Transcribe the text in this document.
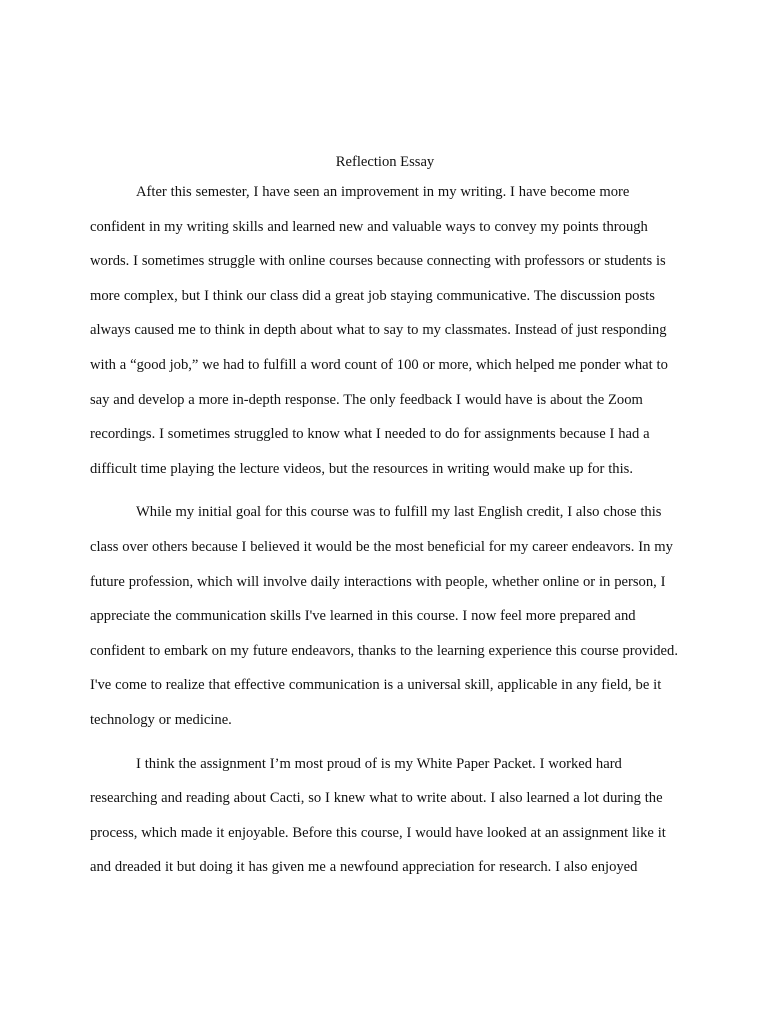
Reflection Essay

After this semester, I have seen an improvement in my writing. I have become more confident in my writing skills and learned new and valuable ways to convey my points through words. I sometimes struggle with online courses because connecting with professors or students is more complex, but I think our class did a great job staying communicative. The discussion posts always caused me to think in depth about what to say to my classmates. Instead of just responding with a “good job,” we had to fulfill a word count of 100 or more, which helped me ponder what to say and develop a more in-depth response. The only feedback I would have is about the Zoom recordings. I sometimes struggled to know what I needed to do for assignments because I had a difficult time playing the lecture videos, but the resources in writing would make up for this.

While my initial goal for this course was to fulfill my last English credit, I also chose this class over others because I believed it would be the most beneficial for my career endeavors. In my future profession, which will involve daily interactions with people, whether online or in person, I appreciate the communication skills I've learned in this course. I now feel more prepared and confident to embark on my future endeavors, thanks to the learning experience this course provided. I've come to realize that effective communication is a universal skill, applicable in any field, be it technology or medicine.

I think the assignment I’m most proud of is my White Paper Packet. I worked hard researching and reading about Cacti, so I knew what to write about. I also learned a lot during the process, which made it enjoyable. Before this course, I would have looked at an assignment like it and dreaded it but doing it has given me a newfound appreciation for research. I also enjoyed
